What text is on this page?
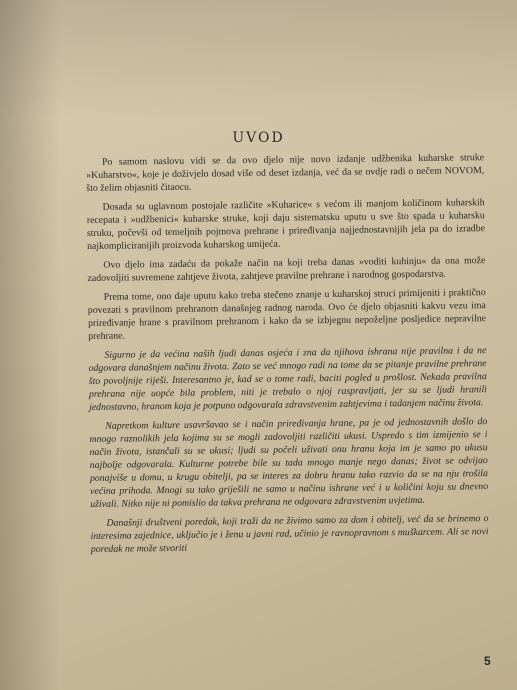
UVOD

Po samom naslovu vidi se da ovo djelo nije novo izdanje udžbenika kuharske struke »Kuharstvo«, koje je doživjelo dosad više od deset izdanja, već da se ovdje radi o nečem NOVOM, što želim objasniti čitaocu.

Dosada su uglavnom postojale različite »Kuharice« s većom ili manjom količinom kuharskih recepata i »udžbenici« kuharske struke, koji daju sistematsku uputu u sve što spada u kuharsku struku, počevši od temeljnih pojmova prehrane i priređivanja najjednostavnijih jela pa do izradbe najkompliciranijih proizvoda kuharskog umijeća.

Ovo djelo ima zadaću da pokaže način na koji treba danas »voditi kuhinju« da ona može zadovoljiti suvremene zahtjeve života, zahtjeve pravilne prehrane i narodnog gospodarstva.

Prema tome, ono daje uputu kako treba stečeno znanje u kuharskoj struci primijeniti i praktično povezati s pravilnom prehranom današnjeg radnog naroda. Ovo će djelo objasniti kakvu vezu ima priređivanje hrane s pravilnom prehranom i kako da se izbjegnu nepoželjne posljedice nepravilne prehrane.

Sigurno je da većina naših ljudi danas osjeća i zna da njihova ishrana nije pravilna i da ne odgovara današnjem načinu života. Zato se već mnogo radi na tome da se pitanje pravilne prehrane što povoljnije riješi. Interesantno je, kad se o tome radi, baciti pogled u prošlost. Nekada pravilna prehrana nije uopće bila problem, niti je trebalo o njoj raspravljati, jer su se ljudi hranili jednostavno, hranom koja je potpuno odgovarala zdravstvenim zahtjevima i tadanjem načinu života.

Napretkom kulture usavršavao se i način priređivanja hrane, pa je od jednostavnih došlo do mnogo raznolikih jela kojima su se mogli zadovoljiti različiti ukusi. Uspredo s tim izmijenio se i način života, istančali su se ukusi; ljudi su počeli uživati onu hranu koja im je samo po ukusu najbolje odgovarala. Kulturne potrebe bile su tada mnogo manje nego danas; život se odvijao ponajviše u domu, u krugu obitelji, pa se interes za dobru hranu tako razvio da se na nju trošila većina prihoda. Mnogi su tako griješili ne samo u načinu ishrane već i u količini koju su dnevno uživali. Nitko nije ni pomislio da takva prehrana ne odgovara zdravstvenim uvjetima.

Današnji društveni poredak, koji traži da ne živimo samo za dom i obitelj, već da se brinemo o interesima zajednice, uključio je i ženu u javni rad, učinio je ravnopravnom s muškarcem. Ali se novi poredak ne može stvoriti

5
